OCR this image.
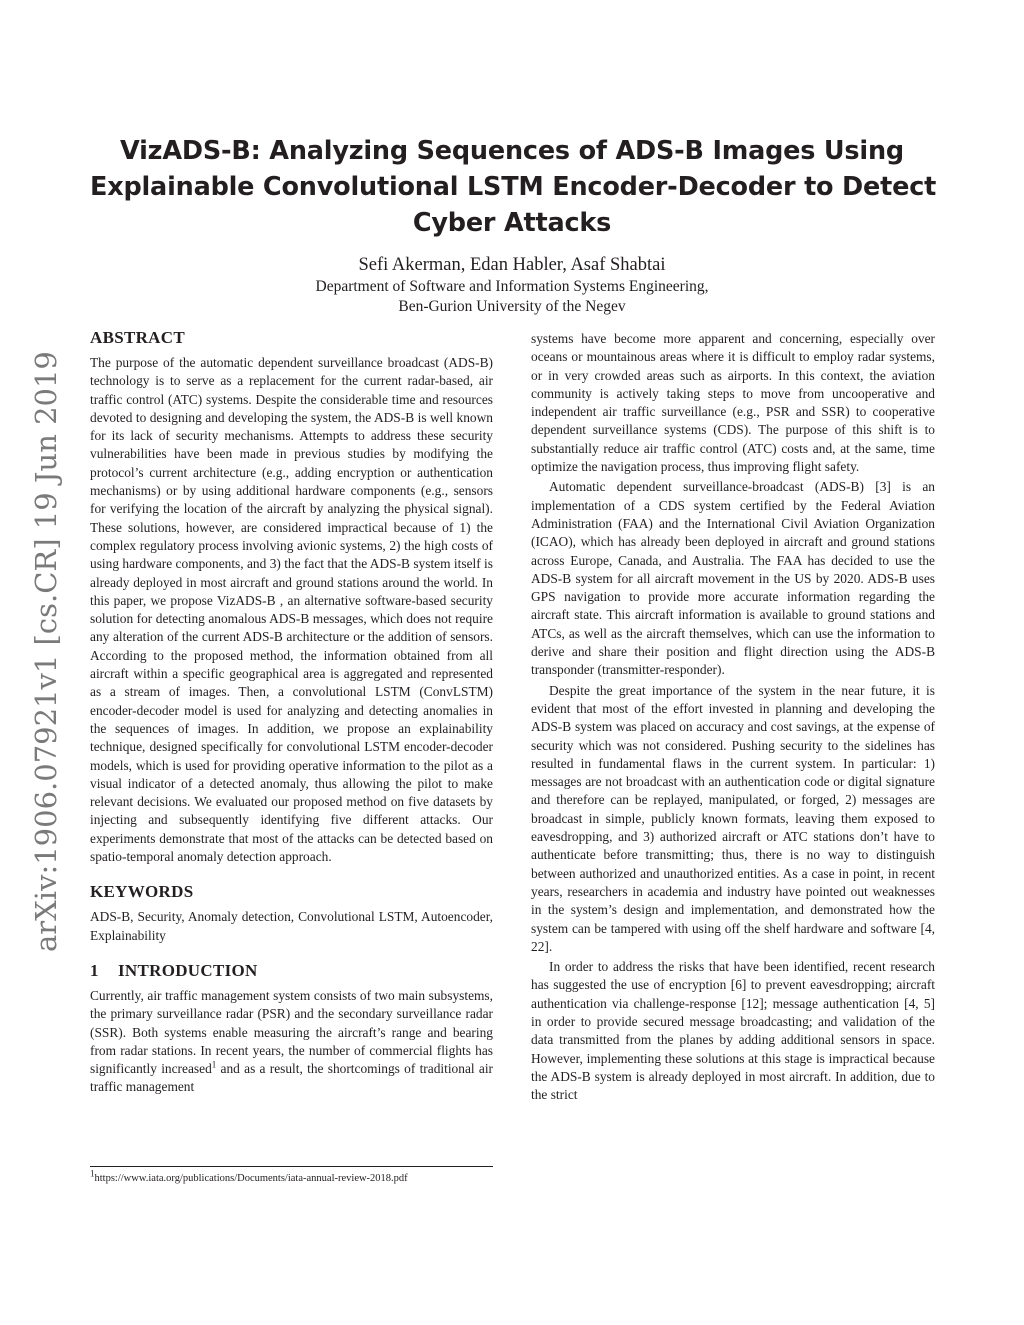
arXiv:1906.07921v1 [cs.CR] 19 Jun 2019
VizADS-B: Analyzing Sequences of ADS-B Images Using
Explainable Convolutional LSTM Encoder-Decoder to Detect
Cyber Attacks
Sefi Akerman, Edan Habler, Asaf Shabtai
Department of Software and Information Systems Engineering,
Ben-Gurion University of the Negev
ABSTRACT

The purpose of the automatic dependent surveillance broadcast (ADS-B) technology is to serve as a replacement for the current radar-based, air traffic control (ATC) systems. Despite the considerable time and resources devoted to designing and developing the system, the ADS-B is well known for its lack of security mechanisms. Attempts to address these security vulnerabilities have been made in previous studies by modifying the protocol’s current architecture (e.g., adding encryption or authentication mechanisms) or by using additional hardware components (e.g., sensors for verifying the location of the aircraft by analyzing the physical signal). These solutions, however, are considered impractical because of 1) the complex regulatory process involving avionic systems, 2) the high costs of using hardware components, and 3) the fact that the ADS-B system itself is already deployed in most aircraft and ground stations around the world. In this paper, we propose VizADS-B , an alternative software-based security solution for detecting anomalous ADS-B messages, which does not require any alteration of the current ADS-B architecture or the addition of sensors. According to the proposed method, the information obtained from all aircraft within a specific geographical area is aggregated and represented as a stream of images. Then, a convolutional LSTM (ConvLSTM) encoder-decoder model is used for analyzing and detecting anomalies in the sequences of images. In addition, we propose an explainability technique, designed specifically for convolutional LSTM encoder-decoder models, which is used for providing operative information to the pilot as a visual indicator of a detected anomaly, thus allowing the pilot to make relevant decisions. We evaluated our proposed method on five datasets by injecting and subsequently identifying five different attacks. Our experiments demonstrate that most of the attacks can be detected based on spatio-temporal anomaly detection approach.

KEYWORDS

ADS-B, Security, Anomaly detection, Convolutional LSTM, Autoencoder, Explainability

1 INTRODUCTION

Currently, air traffic management system consists of two main subsystems, the primary surveillance radar (PSR) and the secondary surveillance radar (SSR). Both systems enable measuring the aircraft’s range and bearing from radar stations. In recent years, the number of commercial flights has significantly increased$^1$ and as a result, the shortcomings of traditional air traffic management

systems have become more apparent and concerning, especially over oceans or mountainous areas where it is difficult to employ radar systems, or in very crowded areas such as airports. In this context, the aviation community is actively taking steps to move from uncooperative and independent air traffic surveillance (e.g., PSR and SSR) to cooperative dependent surveillance systems (CDS). The purpose of this shift is to substantially reduce air traffic control (ATC) costs and, at the same, time optimize the navigation process, thus improving flight safety.

Automatic dependent surveillance-broadcast (ADS-B) [3] is an implementation of a CDS system certified by the Federal Aviation Administration (FAA) and the International Civil Aviation Organization (ICAO), which has already been deployed in aircraft and ground stations across Europe, Canada, and Australia. The FAA has decided to use the ADS-B system for all aircraft movement in the US by 2020. ADS-B uses GPS navigation to provide more accurate information regarding the aircraft state. This aircraft information is available to ground stations and ATCs, as well as the aircraft themselves, which can use the information to derive and share their position and flight direction using the ADS-B transponder (transmitter-responder).

Despite the great importance of the system in the near future, it is evident that most of the effort invested in planning and developing the ADS-B system was placed on accuracy and cost savings, at the expense of security which was not considered. Pushing security to the sidelines has resulted in fundamental flaws in the current system. In particular: 1) messages are not broadcast with an authentication code or digital signature and therefore can be replayed, manipulated, or forged, 2) messages are broadcast in simple, publicly known formats, leaving them exposed to eavesdropping, and 3) authorized aircraft or ATC stations don’t have to authenticate before transmitting; thus, there is no way to distinguish between authorized and unauthorized entities. As a case in point, in recent years, researchers in academia and industry have pointed out weaknesses in the system’s design and implementation, and demonstrated how the system can be tampered with using off the shelf hardware and software [4, 22].

In order to address the risks that have been identified, recent research has suggested the use of encryption [6] to prevent eavesdropping; aircraft authentication via challenge-response [12]; message authentication [4, 5] in order to provide secured message broadcasting; and validation of the data transmitted from the planes by adding additional sensors in space. However, implementing these solutions at this stage is impractical because the ADS-B system is already deployed in most aircraft. In addition, due to the strict

$^1$https://www.iata.org/publications/Documents/iata-annual-review-2018.pdf
